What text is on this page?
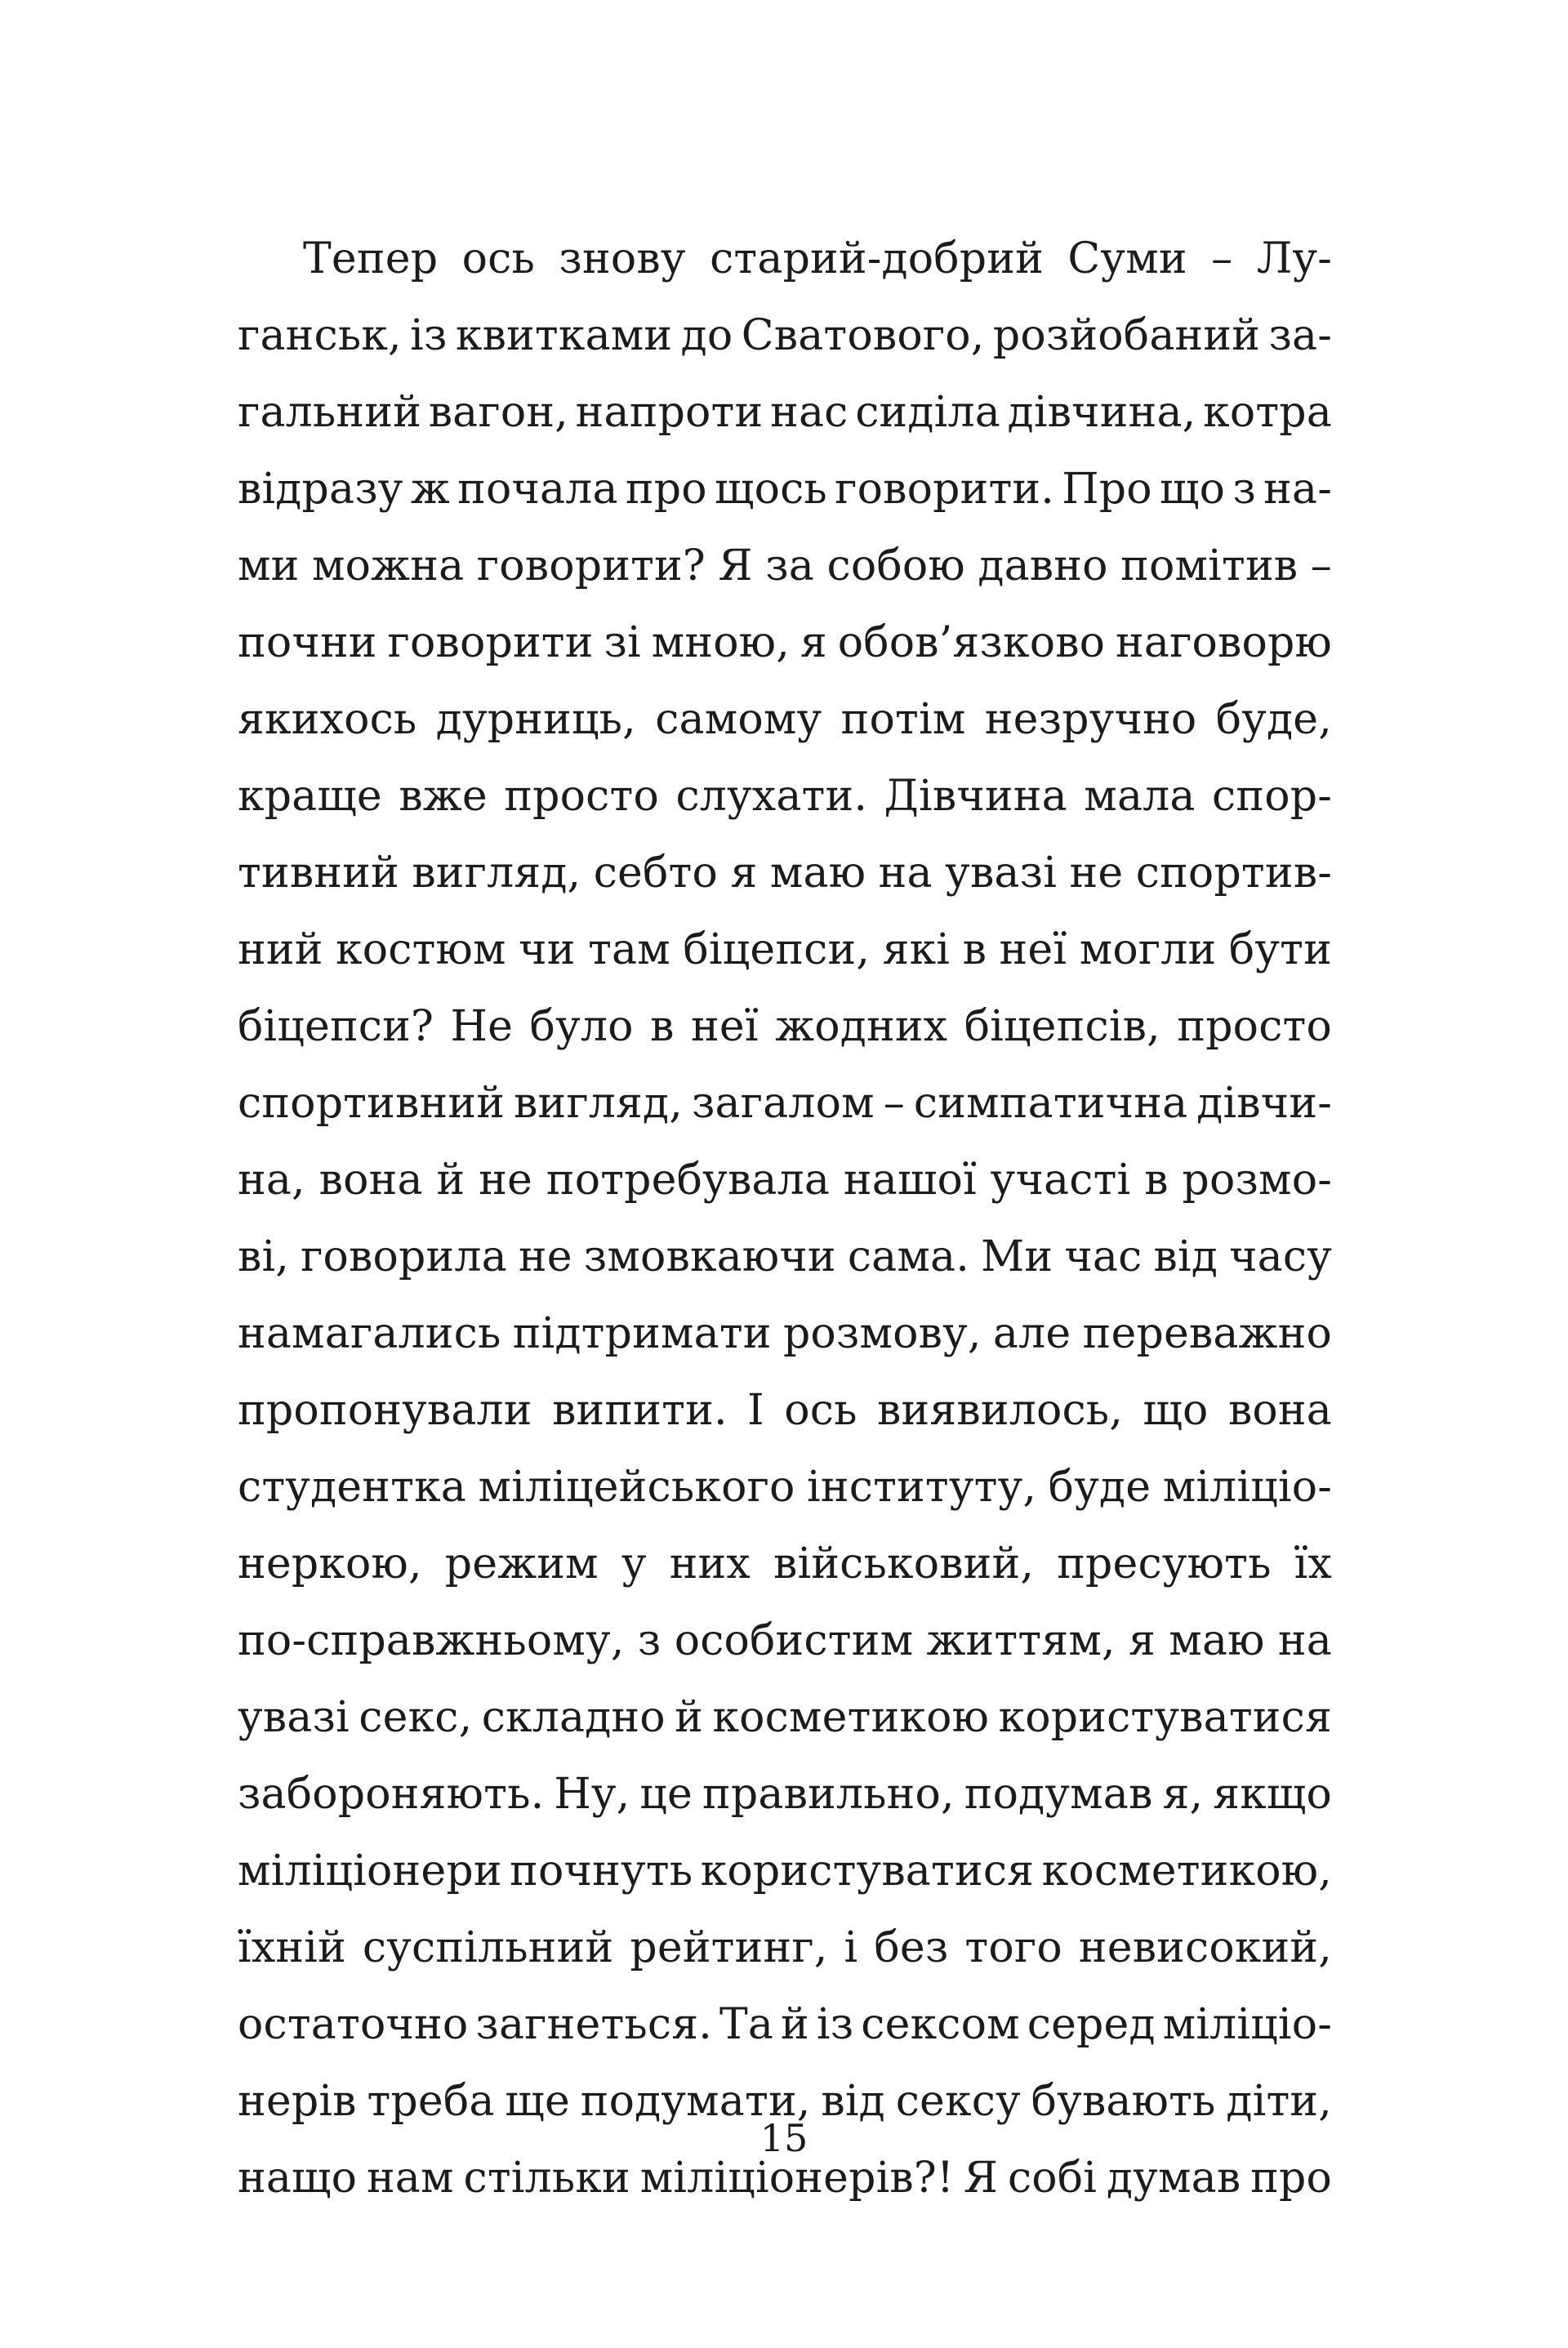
Тепер ось знову старий-добрий Суми – Лу-
ганськ, із квитками до Сватового, розйобаний за-
гальний вагон, напроти нас сиділа дівчина, котра
відразу ж почала про щось говорити. Про що з на-
ми можна говорити? Я за собою давно помітив –
почни говорити зі мною, я обов’язково наговорю
якихось дурниць, самому потім незручно буде,
краще вже просто слухати. Дівчина мала спор-
тивний вигляд, себто я маю на увазі не спортив-
ний костюм чи там біцепси, які в неї могли бути
біцепси? Не було в неї жодних біцепсів, просто
спортивний вигляд, загалом – симпатична дівчи-
на, вона й не потребувала нашої участі в розмо-
ві, говорила не змовкаючи сама. Ми час від часу
намагались підтримати розмову, але переважно
пропонували випити. І ось виявилось, що вона
студентка міліцейського інституту, буде міліціо-
неркою, режим у них військовий, пресують їх
по-справжньому, з особистим життям, я маю на
увазі секс, складно й косметикою користуватися
забороняють. Ну, це правильно, подумав я, якщо
міліціонери почнуть користуватися косметикою,
їхній суспільний рейтинг, і без того невисокий,
остаточно загнеться. Та й із сексом серед міліціо-
нерів треба ще подумати, від сексу бувають діти,
нащо нам стільки міліціонерів?! Я собі думав про
15
